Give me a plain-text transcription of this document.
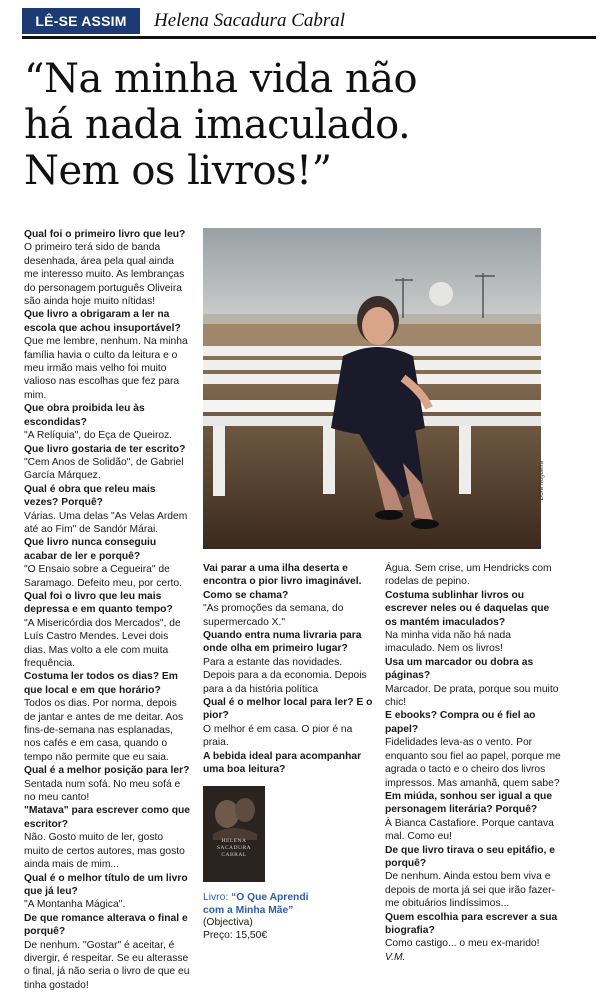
LÊ-SE ASSIM	Helena Sacadura Cabral
“Na minha vida não
há nada imaculado.
Nem os livros!”

Qual foi o primeiro livro que leu?

O primeiro terá sido de banda desenhada, área pela qual ainda me interesso muito. As lembranças do personagem português Oliveira são ainda hoje muito nítidas!

Que livro a obrigaram a ler na escola que achou insuportável?

Que me lembre, nenhum. Na minha família havia o culto da leitura e o meu irmão mais velho foi muito valioso nas escolhas que fez para mim.

Que obra proibida leu às escondidas?

"A Relíquia", do Eça de Queiroz.

Que livro gostaria de ter escrito?

"Cem Anos de Solidão", de Gabriel García Márquez.

Qual é obra que releu mais vezes? Porquê?

Várias. Uma delas "As Velas Ardem até ao Fim" de Sandór Márai.

Que livro nunca conseguiu acabar de ler e porquê?

"O Ensaio sobre a Cegueira" de Saramago. Defeito meu, por certo.

Qual foi o livro que leu mais depressa e em quanto tempo?

"A Misericórdia dos Mercados", de Luís Castro Mendes. Levei dois dias. Mas volto a ele com muita frequência.

Costuma ler todos os dias? Em que local e em que horário?

Todos os dias. Por norma, depois de jantar e antes de me deitar. Aos fins-de-semana nas esplanadas, nos cafés e em casa, quando o tempo não permite que eu saia.

Qual é a melhor posição para ler?

Sentada num sofá. No meu sofá e no meu canto!

"Matava" para escrever como que escritor?

Não. Gosto muito de ler, gosto muito de certos autores, mas gosto ainda mais de mim...

Qual é o melhor título de um livro que já leu?

"A Montanha Mágica".

De que romance alterava o final e porquê?

De nenhum. "Gostar" é aceitar, é divergir, é respeitar. Se eu alterasse o final, já não seria o livro de que eu tinha gostado!

Dora Nogueira

Vai parar a uma ilha deserta e encontra o pior livro imaginável. Como se chama?

"As promoções da semana, do supermercado X."

Quando entra numa livraria para onde olha em primeiro lugar?

Para a estante das novidades. Depois para a da economia. Depois para a da história política

Qual é o melhor local para ler? E o pior?

O melhor é em casa. O pior é na praia.

A bebida ideal para acompanhar uma boa leitura?

HELENA SACADURA CABRAL
Livro: “O Que Aprendi com a Minha Mãe”
(Objectiva)
Preço: 15,50€

Água. Sem crise, um Hendricks com rodelas de pepino.

Costuma sublinhar livros ou escrever neles ou é daquelas que os mantém imaculados?

Na minha vida não há nada imaculado. Nem os livros!

Usa um marcador ou dobra as páginas?

Marcador. De prata, porque sou muito chic!

E ebooks? Compra ou é fiel ao papel?

Fidelidades leva-as o vento. Por enquanto sou fiel ao papel, porque me agrada o tacto e o cheiro dos livros impressos. Mas amanhã, quem sabe?

Em miúda, sonhou ser igual a que personagem literária? Porquê?

À Bianca Castafiore. Porque cantava mal. Como eu!

De que livro tirava o seu epitáfio, e porquê?

De nenhum. Ainda estou bem viva e depois de morta já sei que irão fazer-me obituários lindíssimos...

Quem escolhia para escrever a sua biografia?

Como castigo... o meu ex-marido!

V.M.
